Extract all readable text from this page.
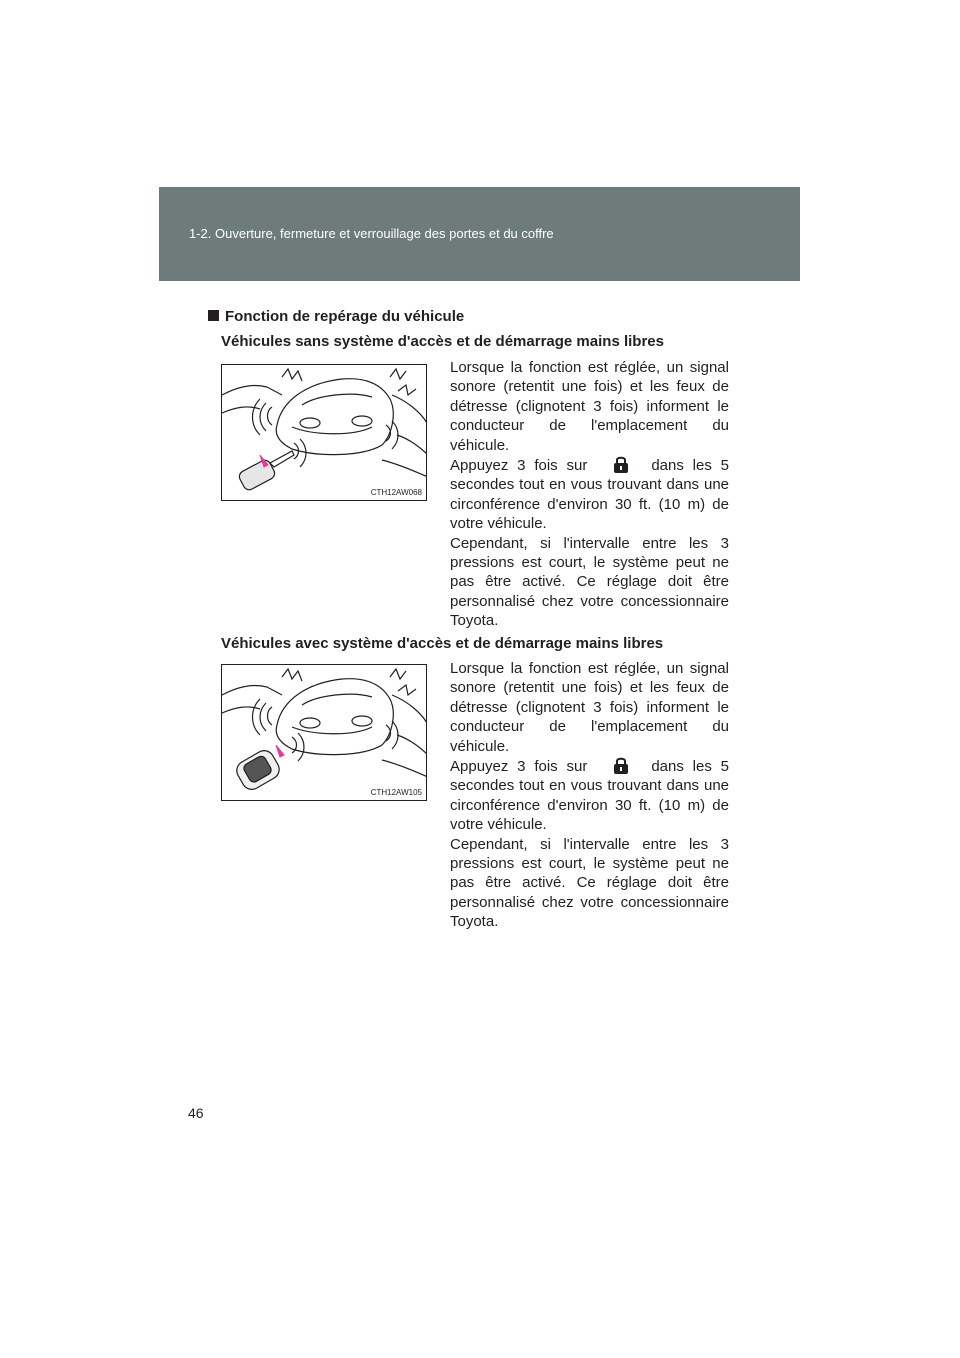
1-2. Ouverture, fermeture et verrouillage des portes et du coffre
Fonction de repérage du véhicule
Véhicules sans système d'accès et de démarrage mains libres
CTH12AW068

Lorsque la fonction est réglée, un signal sonore (retentit une fois) et les feux de détresse (clignotent 3 fois) informent le conducteur de l'emplacement du véhicule.

Appuyez 3 fois sur	dans les 5 secondes tout en vous trouvant dans une circonférence d'environ 30 ft. (10 m) de votre véhicule.

Cependant, si l'intervalle entre les 3 pressions est court, le système peut ne pas être activé. Ce réglage doit être personnalisé chez votre concessionnaire Toyota.

Véhicules avec système d'accès et de démarrage mains libres
CTH12AW105

Lorsque la fonction est réglée, un signal sonore (retentit une fois) et les feux de détresse (clignotent 3 fois) informent le conducteur de l'emplacement du véhicule.

Appuyez 3 fois sur	dans les 5 secondes tout en vous trouvant dans une circonférence d'environ 30 ft. (10 m) de votre véhicule.

Cependant, si l'intervalle entre les 3 pressions est court, le système peut ne pas être activé. Ce réglage doit être personnalisé chez votre concessionnaire Toyota.

46
